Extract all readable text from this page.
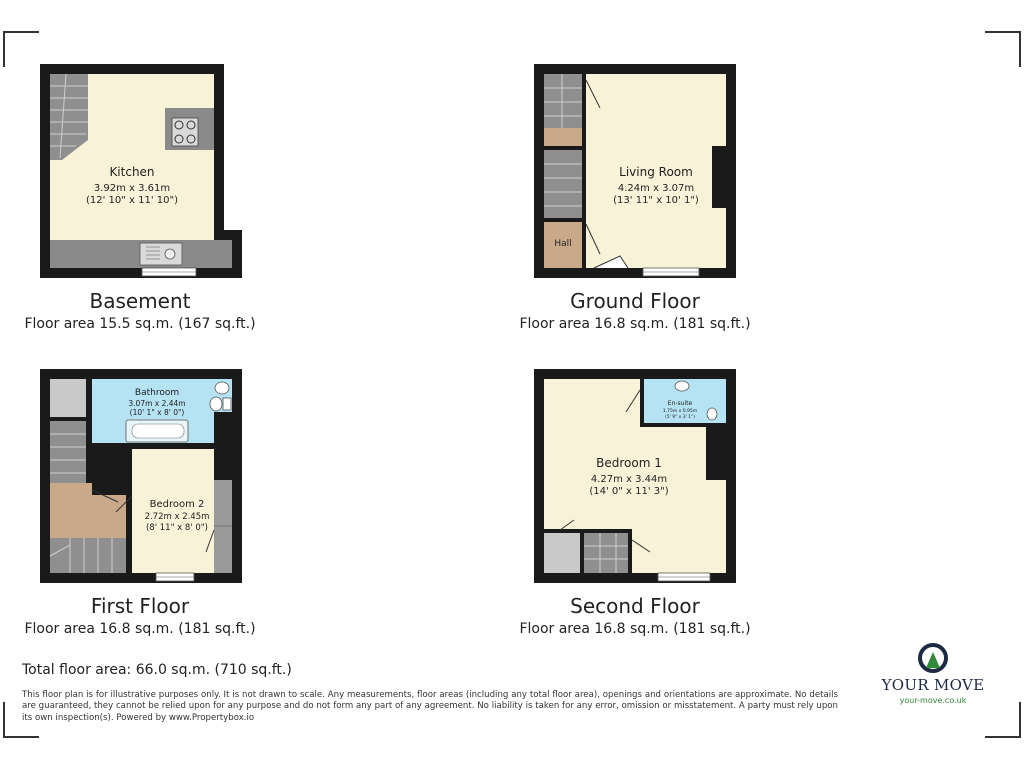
Kitchen
3.92m x 3.61m
(12' 10" x 11' 10")
Hall
Living Room
4.24m x 3.07m
(13' 11" x 10' 1")
Bathroom
3.07m x 2.44m
(10' 1" x 8' 0")
Bedroom 2
2.72m x 2.45m
(8' 11" x 8' 0")
En-suite
1.75m x 0.95m
(5' 9" x 3' 1")
Bedroom 1
4.27m x 3.44m
(14' 0" x 11' 3")
Basement
Floor area 15.5 sq.m. (167 sq.ft.)
Ground Floor
Floor area 16.8 sq.m. (181 sq.ft.)
First Floor
Floor area 16.8 sq.m. (181 sq.ft.)
Second Floor
Floor area 16.8 sq.m. (181 sq.ft.)
Total floor area: 66.0 sq.m. (710 sq.ft.)
This floor plan is for illustrative purposes only. It is not drawn to scale. Any measurements, floor areas (including any total floor area), openings and orientations are approximate. No details are guaranteed, they cannot be relied upon for any purpose and do not form any part of any agreement. No liability is taken for any error, omission or misstatement. A party must rely upon its own inspection(s). Powered by www.Propertybox.io
YOUR MOVE
your-move.co.uk
